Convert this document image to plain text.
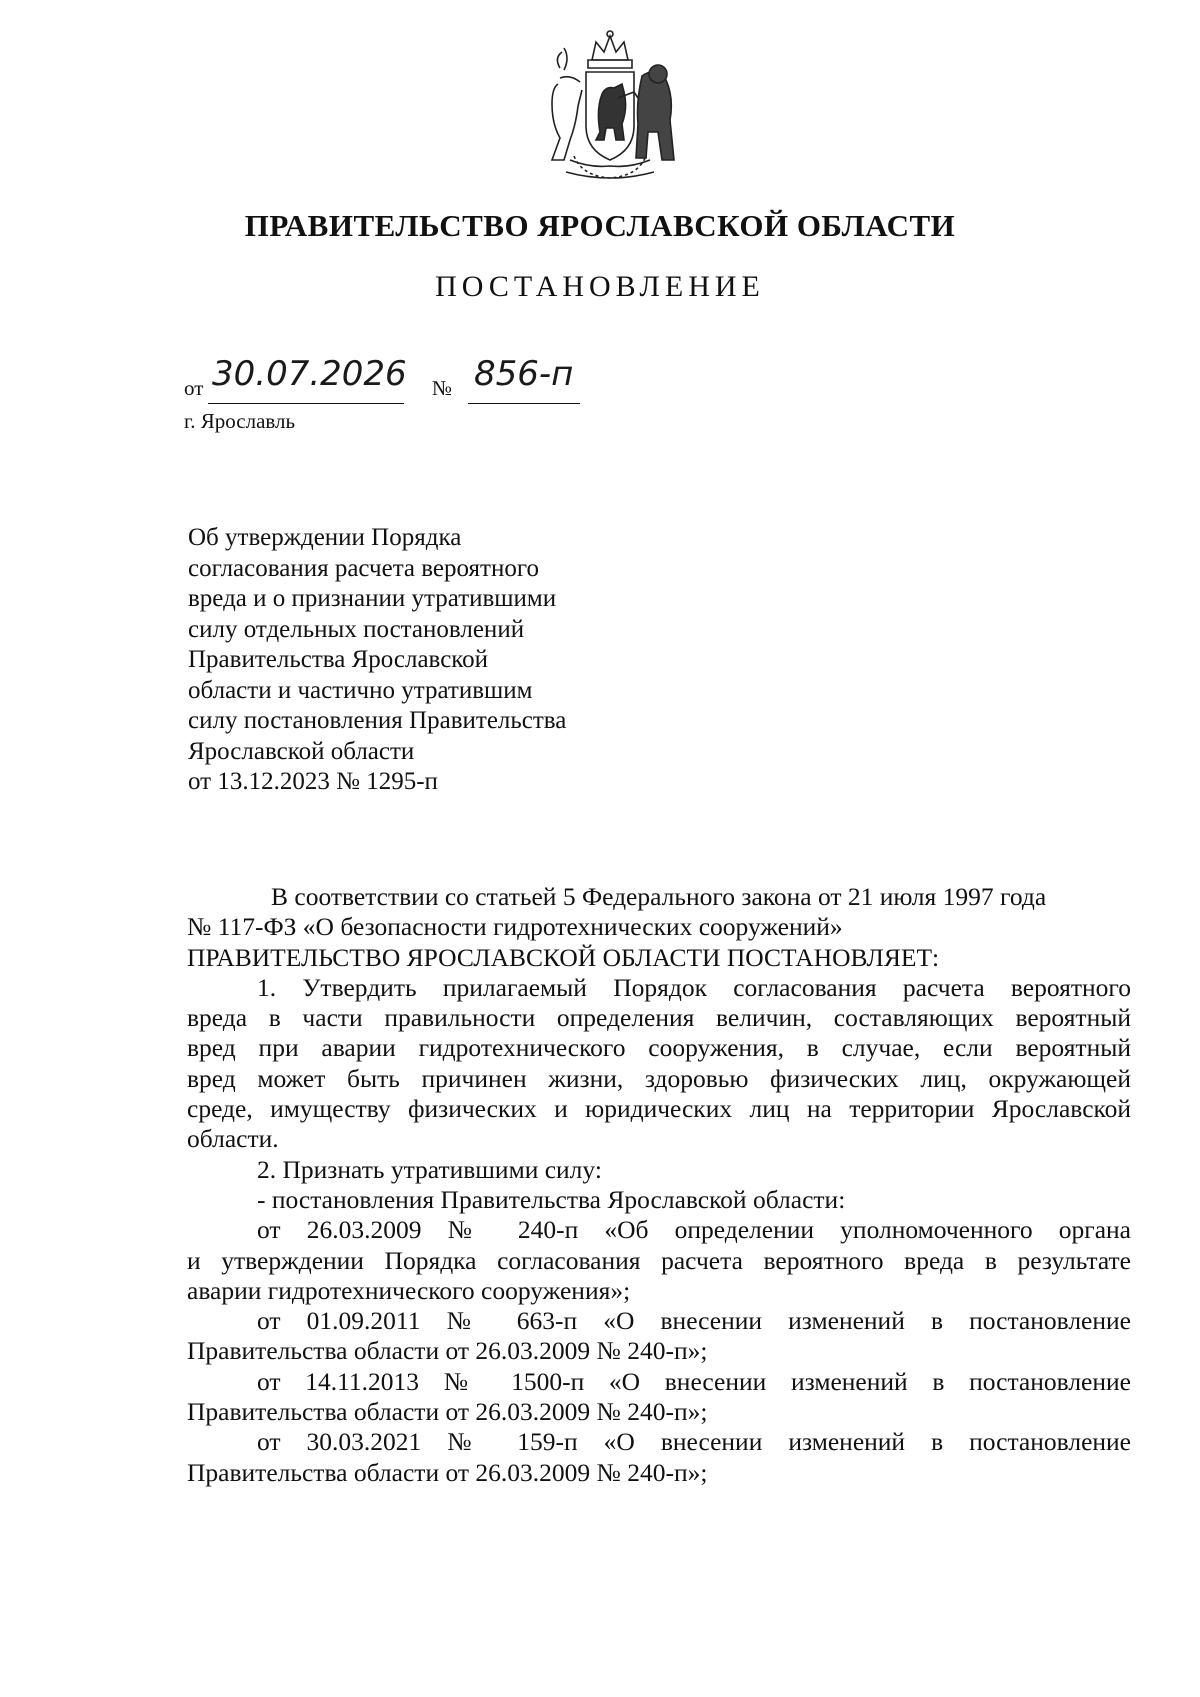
ПРАВИТЕЛЬСТВО ЯРОСЛАВСКОЙ ОБЛАСТИ
ПОСТАНОВЛЕНИЕ
от 30.07.2026 № 856-п
г. Ярославль
Об утверждении Порядка
согласования расчета вероятного
вреда и о признании утратившими
силу отдельных постановлений
Правительства Ярославской
области и частично утратившим
силу постановления Правительства
Ярославской области
от 13.12.2023 № 1295-п
В соответствии со статьей 5 Федерального закона от 21 июля 1997 года
№ 117-ФЗ «О безопасности гидротехнических сооружений»
ПРАВИТЕЛЬСТВО ЯРОСЛАВСКОЙ ОБЛАСТИ ПОСТАНОВЛЯЕТ:
1. Утвердить прилагаемый Порядок согласования расчета вероятного
вреда в части правильности определения величин, составляющих вероятный
вред при аварии гидротехнического сооружения, в случае, если вероятный
вред может быть причинен жизни, здоровью физических лиц, окружающей
среде, имуществу физических и юридических лиц на территории Ярославской
области.
2. Признать утратившими силу:
- постановления Правительства Ярославской области:
от 26.03.2009 № 240-п «Об определении уполномоченного органа
и утверждении Порядка согласования расчета вероятного вреда в результате
аварии гидротехнического сооружения»;
от 01.09.2011 № 663-п «О внесении изменений в постановление
Правительства области от 26.03.2009 № 240-п»;
от 14.11.2013 № 1500-п «О внесении изменений в постановление
Правительства области от 26.03.2009 № 240-п»;
от 30.03.2021 № 159-п «О внесении изменений в постановление
Правительства области от 26.03.2009 № 240-п»;
